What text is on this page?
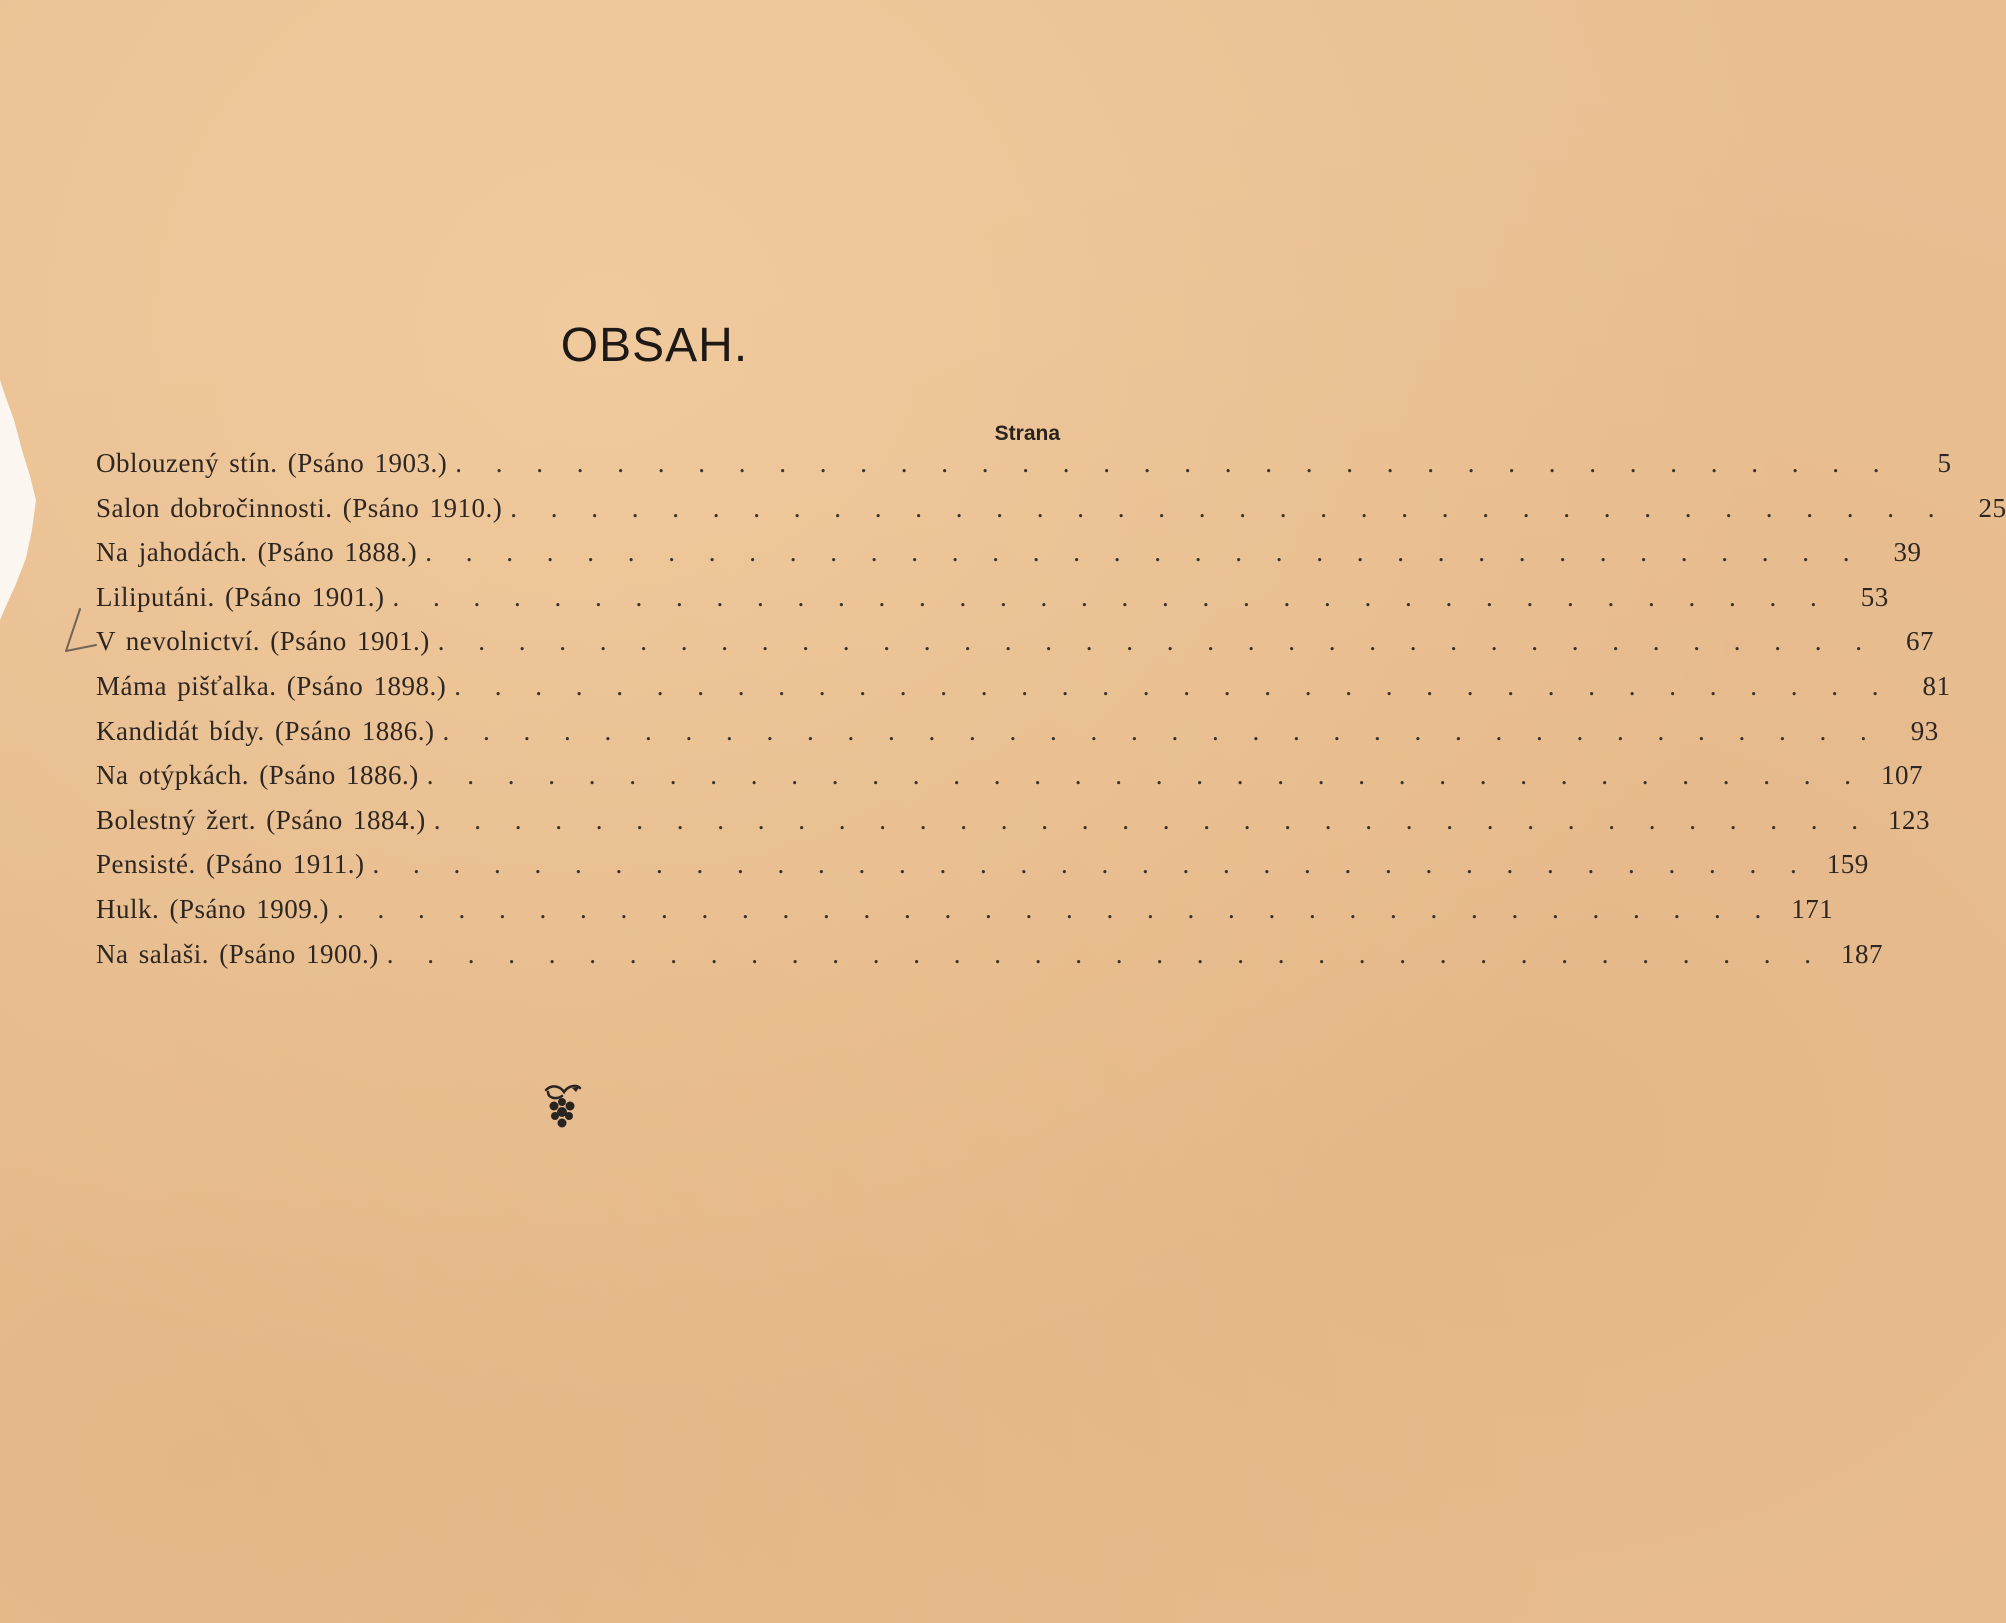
OBSAH.
Strana
Oblouzený stín. (Psáno 1903.) . . . . . . . . . . . . . . . . . . . . . . . . . . . . . . . . . . . .	5
Salon dobročinnosti. (Psáno 1910.) . . . . . . . . . . . . . . . . . . . . . . . . . . . . . . . . . . . .	25
Na jahodách. (Psáno 1888.) . . . . . . . . . . . . . . . . . . . . . . . . . . . . . . . . . . . .	39
Liliputáni. (Psáno 1901.) . . . . . . . . . . . . . . . . . . . . . . . . . . . . . . . . . . . .	53
V nevolnictví. (Psáno 1901.) . . . . . . . . . . . . . . . . . . . . . . . . . . . . . . . . . . . .	67
Máma pišťalka. (Psáno 1898.) . . . . . . . . . . . . . . . . . . . . . . . . . . . . . . . . . . . .	81
Kandidát bídy. (Psáno 1886.) . . . . . . . . . . . . . . . . . . . . . . . . . . . . . . . . . . . .	93
Na otýpkách. (Psáno 1886.) . . . . . . . . . . . . . . . . . . . . . . . . . . . . . . . . . . . . 107
Bolestný žert. (Psáno 1884.) . . . . . . . . . . . . . . . . . . . . . . . . . . . . . . . . . . . . 123
Pensisté. (Psáno 1911.) . . . . . . . . . . . . . . . . . . . . . . . . . . . . . . . . . . . . 159
Hulk. (Psáno 1909.) . . . . . . . . . . . . . . . . . . . . . . . . . . . . . . . . . . . . 171
Na salaši. (Psáno 1900.) . . . . . . . . . . . . . . . . . . . . . . . . . . . . . . . . . . . . 187
